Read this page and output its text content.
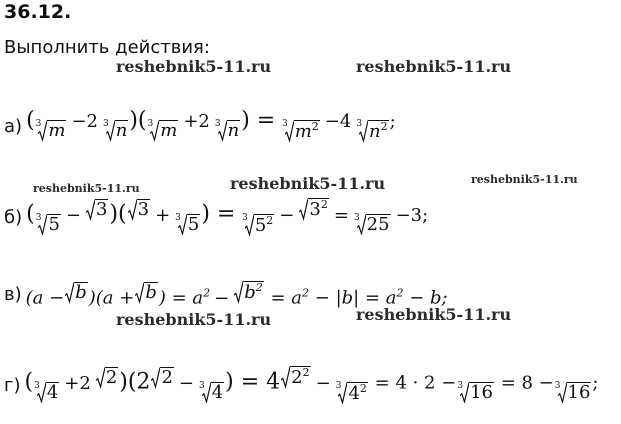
36.12.
Выполнить действия:
reshebnik5-11.ru	reshebnik5-11.ru
reshebnik5-11.ru	reshebnik5-11.ru	reshebnik5-11.ru
reshebnik5-11.ru	reshebnik5-11.ru
а) ( 3 m −2 3 n )( 3 m +2 3 n ) = 3 $m^2 -4$ 3 $n^2$ ;
б) ( 3 5 − 3 )( 3 + 3 5 ) = 3 $5^2 - 3^2$
= 3 25 −3;
в) (a − b )(a + b ) = $a^2 - b^2$
= $a^2 - |b| = a^2 - b$;
г) ( 3 4 +2 2 )(2 2 − 3 4 ) = 4 $2^2$
− 3 $4^2 = 4 \cdot 2 - 3$ 16 = 8 − 3 16 ;
